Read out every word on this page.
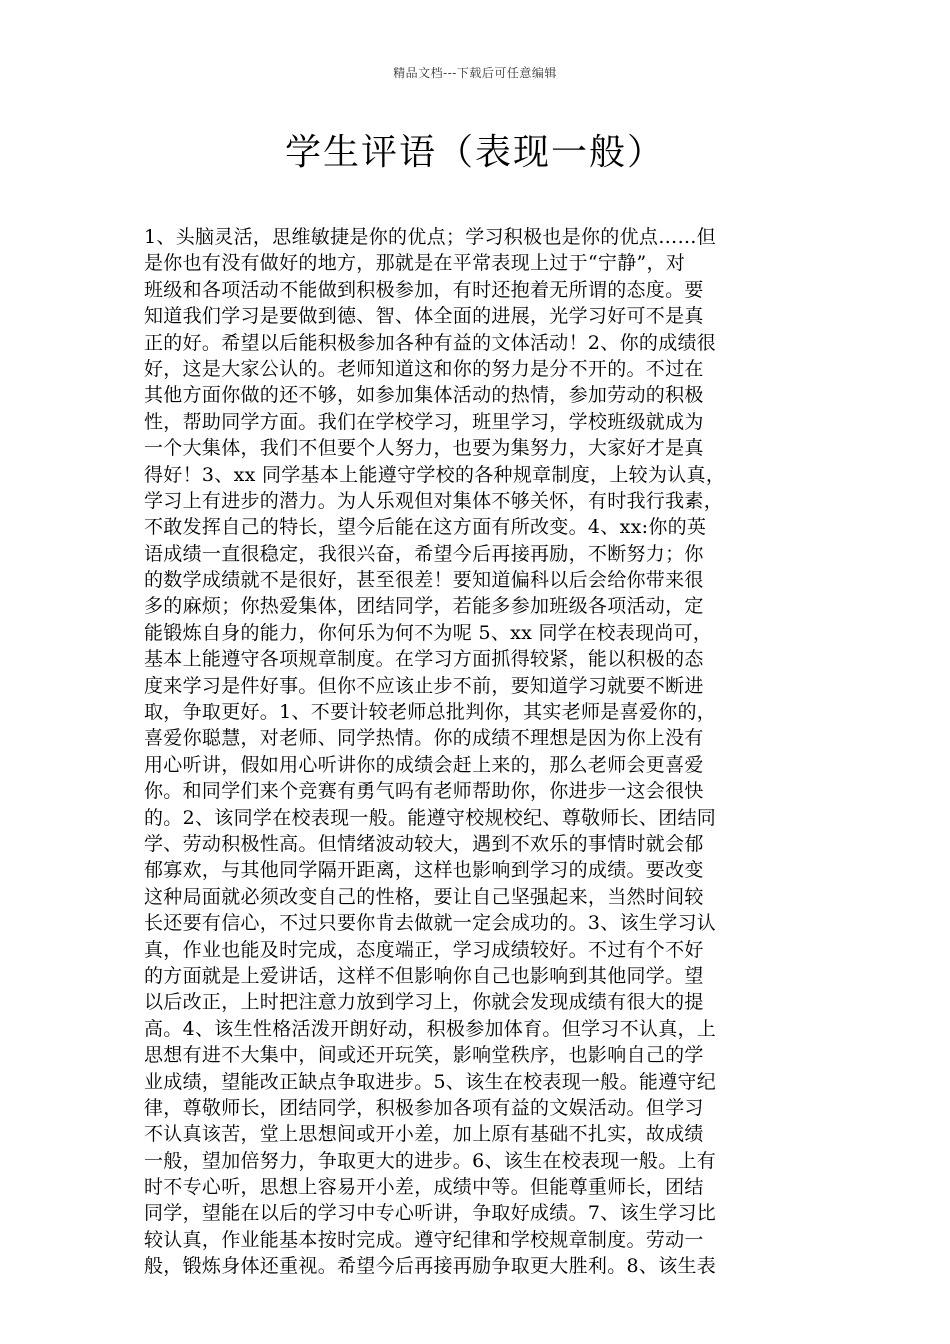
精品文档---下载后可任意编辑
学生评语（表现一般）
1、头脑灵活，思维敏捷是你的优点；学习积极也是你的优点……但
是你也有没有做好的地方，那就是在平常表现上过于“宁静”，对
班级和各项活动不能做到积极参加，有时还抱着无所谓的态度。要
知道我们学习是要做到德、智、体全面的进展，光学习好可不是真
正的好。希望以后能积极参加各种有益的文体活动！2、你的成绩很
好，这是大家公认的。老师知道这和你的努力是分不开的。不过在
其他方面你做的还不够，如参加集体活动的热情，参加劳动的积极
性，帮助同学方面。我们在学校学习，班里学习，学校班级就成为
一个大集体，我们不但要个人努力，也要为集努力，大家好才是真
得好！3、xx 同学基本上能遵守学校的各种规章制度，上较为认真，
学习上有进步的潜力。为人乐观但对集体不够关怀，有时我行我素，
不敢发挥自己的特长，望今后能在这方面有所改变。4、xx:你的英
语成绩一直很稳定，我很兴奋，希望今后再接再励，不断努力；你
的数学成绩就不是很好，甚至很差！要知道偏科以后会给你带来很
多的麻烦；你热爱集体，团结同学，若能多参加班级各项活动，定
能锻炼自身的能力，你何乐为何不为呢 5、xx 同学在校表现尚可，
基本上能遵守各项规章制度。在学习方面抓得较紧，能以积极的态
度来学习是件好事。但你不应该止步不前，要知道学习就要不断进
取，争取更好。1、不要计较老师总批判你，其实老师是喜爱你的，
喜爱你聪慧，对老师、同学热情。你的成绩不理想是因为你上没有
用心听讲，假如用心听讲你的成绩会赶上来的，那么老师会更喜爱
你。和同学们来个竞赛有勇气吗有老师帮助你，你进步一这会很快
的。2、该同学在校表现一般。能遵守校规校纪、尊敬师长、团结同
学、劳动积极性高。但情绪波动较大，遇到不欢乐的事情时就会郁
郁寡欢，与其他同学隔开距离，这样也影响到学习的成绩。要改变
这种局面就必须改变自己的性格，要让自己坚强起来，当然时间较
长还要有信心，不过只要你肯去做就一定会成功的。3、该生学习认
真，作业也能及时完成，态度端正，学习成绩较好。不过有个不好
的方面就是上爱讲话，这样不但影响你自己也影响到其他同学。望
以后改正，上时把注意力放到学习上，你就会发现成绩有很大的提
高。4、该生性格活泼开朗好动，积极参加体育。但学习不认真，上
思想有进不大集中，间或还开玩笑，影响堂秩序，也影响自己的学
业成绩，望能改正缺点争取进步。5、该生在校表现一般。能遵守纪
律，尊敬师长，团结同学，积极参加各项有益的文娱活动。但学习
不认真该苦，堂上思想间或开小差，加上原有基础不扎实，故成绩
一般，望加倍努力，争取更大的进步。6、该生在校表现一般。上有
时不专心听，思想上容易开小差，成绩中等。但能尊重师长，团结
同学，望能在以后的学习中专心听讲，争取好成绩。7、该生学习比
较认真，作业能基本按时完成。遵守纪律和学校规章制度。劳动一
般，锻炼身体还重视。希望今后再接再励争取更大胜利。8、该生表
